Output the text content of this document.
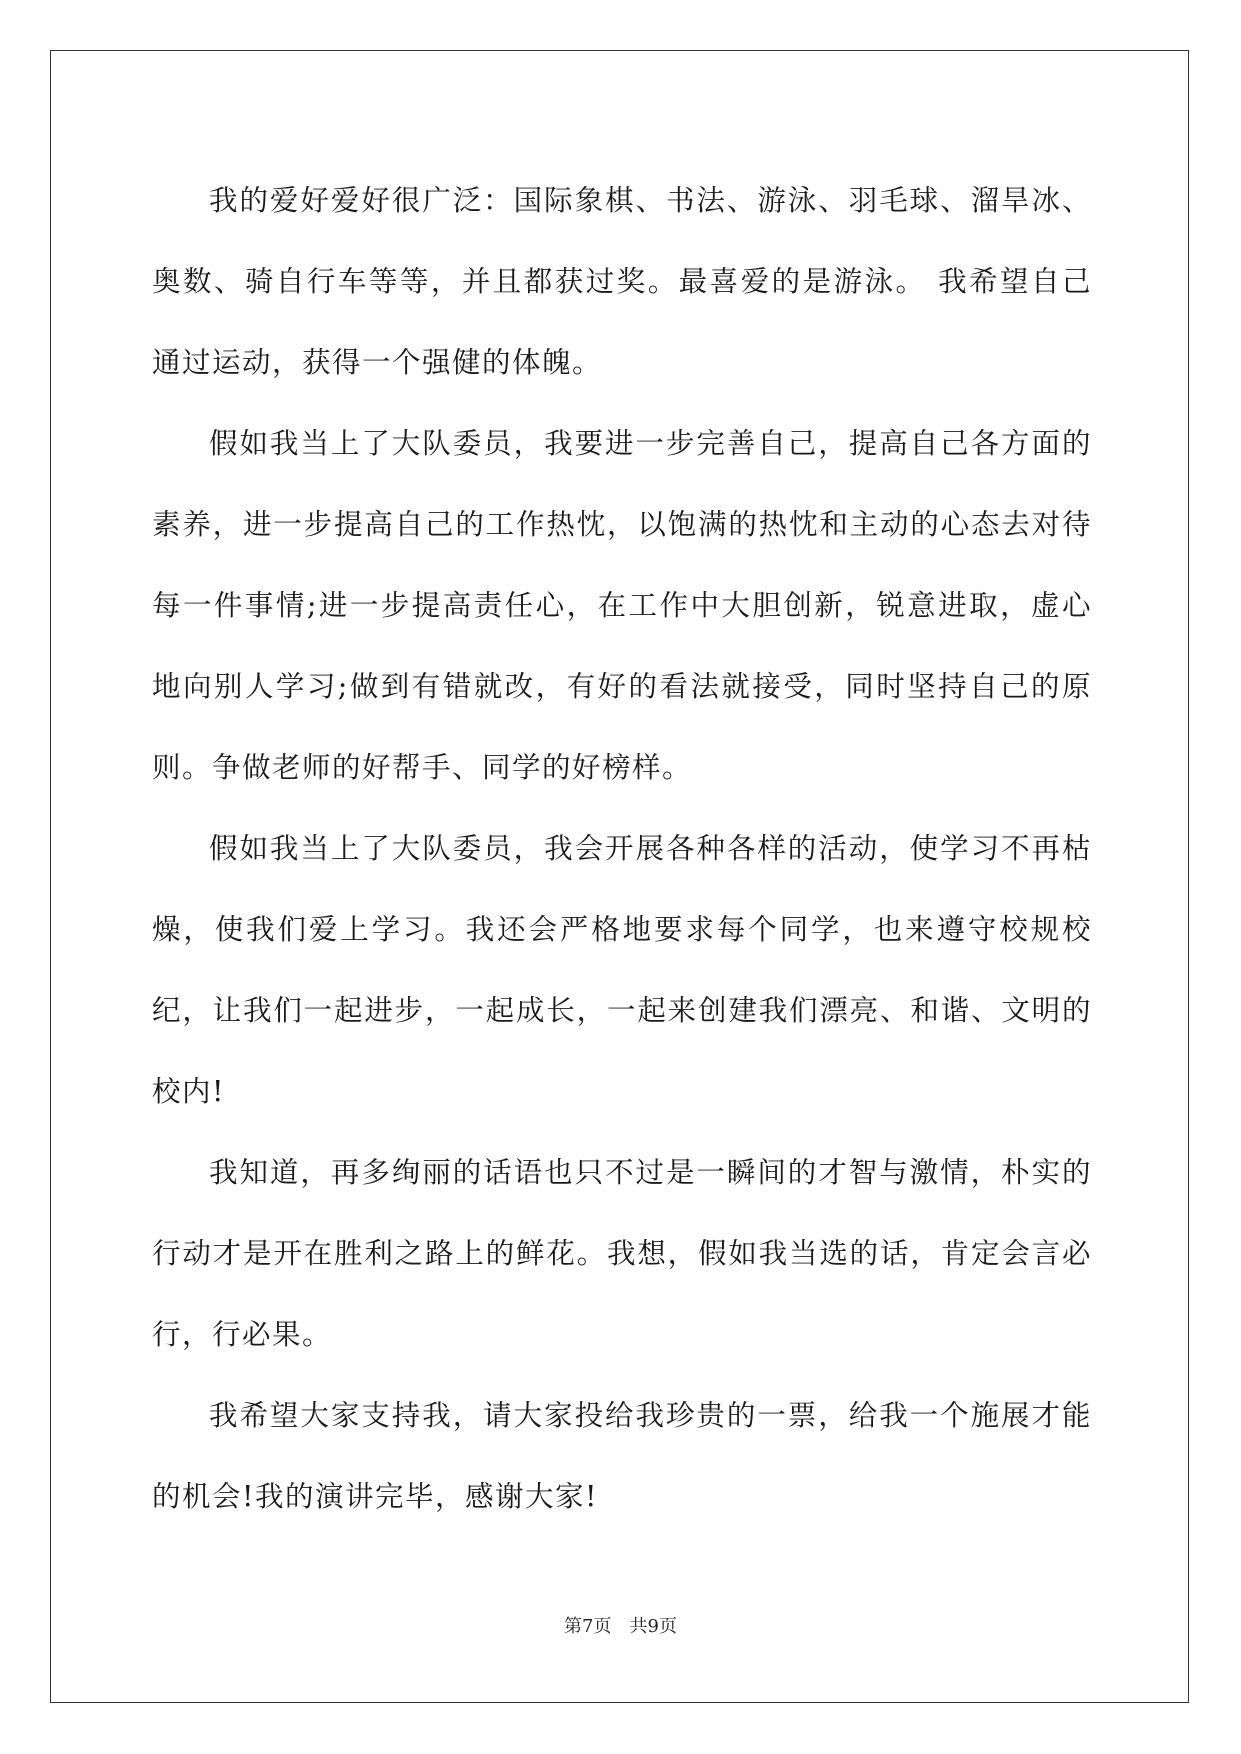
我的爱好爱好很广泛：国际象棋、书法、游泳、羽毛球、溜旱冰、奥数、骑自行车等等，并且都获过奖。最喜爱的是游泳。 我希望自己通过运动，获得一个强健的体魄。

假如我当上了大队委员，我要进一步完善自己，提高自己各方面的素养，进一步提高自己的工作热忱，以饱满的热忱和主动的心态去对待每一件事情;进一步提高责任心，在工作中大胆创新，锐意进取，虚心地向别人学习;做到有错就改，有好的看法就接受，同时坚持自己的原则。争做老师的好帮手、同学的好榜样。

假如我当上了大队委员，我会开展各种各样的活动，使学习不再枯燥，使我们爱上学习。我还会严格地要求每个同学，也来遵守校规校纪，让我们一起进步，一起成长，一起来创建我们漂亮、和谐、文明的校内!

我知道，再多绚丽的话语也只不过是一瞬间的才智与激情，朴实的行动才是开在胜利之路上的鲜花。我想，假如我当选的话，肯定会言必行，行必果。

我希望大家支持我，请大家投给我珍贵的一票，给我一个施展才能的机会!我的演讲完毕，感谢大家!

第7页　共9页
